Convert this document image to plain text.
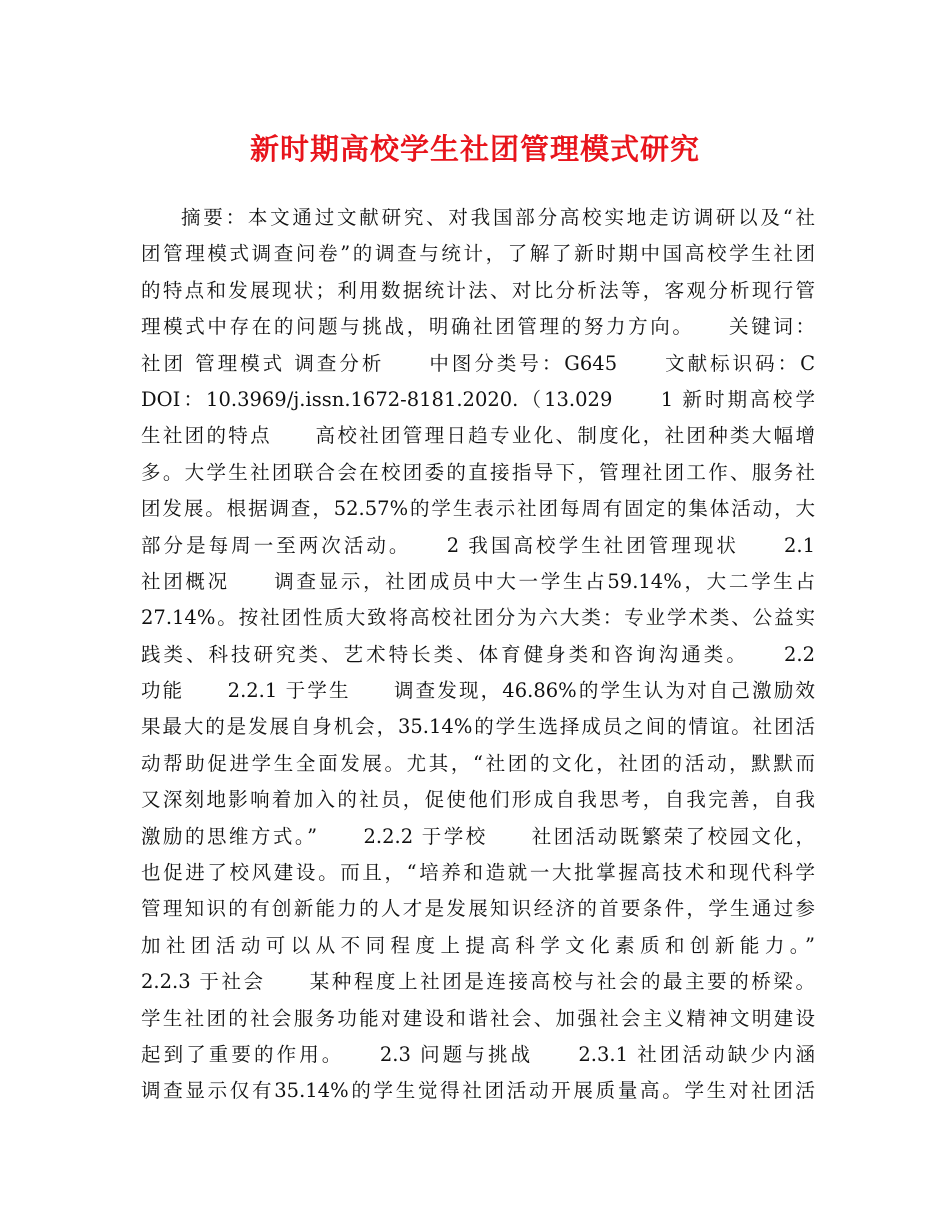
新时期高校学生社团管理模式研究
摘要：本文通过文献研究、对我国部分高校实地走访调研以及“社
团管理模式调查问卷”的调查与统计，了解了新时期中国高校学生社团
的特点和发展现状；利用数据统计法、对比分析法等，客观分析现行管
理模式中存在的问题与挑战，明确社团管理的努力方向。　　关键词：
社团 管理模式 调查分析　　中图分类号：G645　　文献标识码：C
DOI：10.3969/j.issn.1672-8181.2020.（13.029　　1 新时期高校学
生社团的特点　　高校社团管理日趋专业化、制度化，社团种类大幅增
多。大学生社团联合会在校团委的直接指导下，管理社团工作、服务社
团发展。根据调查，52.57%的学生表示社团每周有固定的集体活动，大
部分是每周一至两次活动。　　2 我国高校学生社团管理现状　　2.1
社团概况　　调查显示，社团成员中大一学生占59.14%，大二学生占
27.14%。按社团性质大致将高校社团分为六大类：专业学术类、公益实
践类、科技研究类、艺术特长类、体育健身类和咨询沟通类。　　2.2
功能　　2.2.1 于学生　　调查发现，46.86%的学生认为对自己激励效
果最大的是发展自身机会，35.14%的学生选择成员之间的情谊。社团活
动帮助促进学生全面发展。尤其，“社团的文化，社团的活动，默默而
又深刻地影响着加入的社员，促使他们形成自我思考，自我完善，自我
激励的思维方式。”　　2.2.2 于学校　　社团活动既繁荣了校园文化，
也促进了校风建设。而且，“培养和造就一大批掌握高技术和现代科学
管理知识的有创新能力的人才是发展知识经济的首要条件，学生通过参
加社团活动可以从不同程度上提高科学文化素质和创新能力。”
2.2.3 于社会　　某种程度上社团是连接高校与社会的最主要的桥梁。
学生社团的社会服务功能对建设和谐社会、加强社会主义精神文明建设
起到了重要的作用。　　2.3 问题与挑战　　2.3.1 社团活动缺少内涵
调查显示仅有35.14%的学生觉得社团活动开展质量高。学生对社团活
